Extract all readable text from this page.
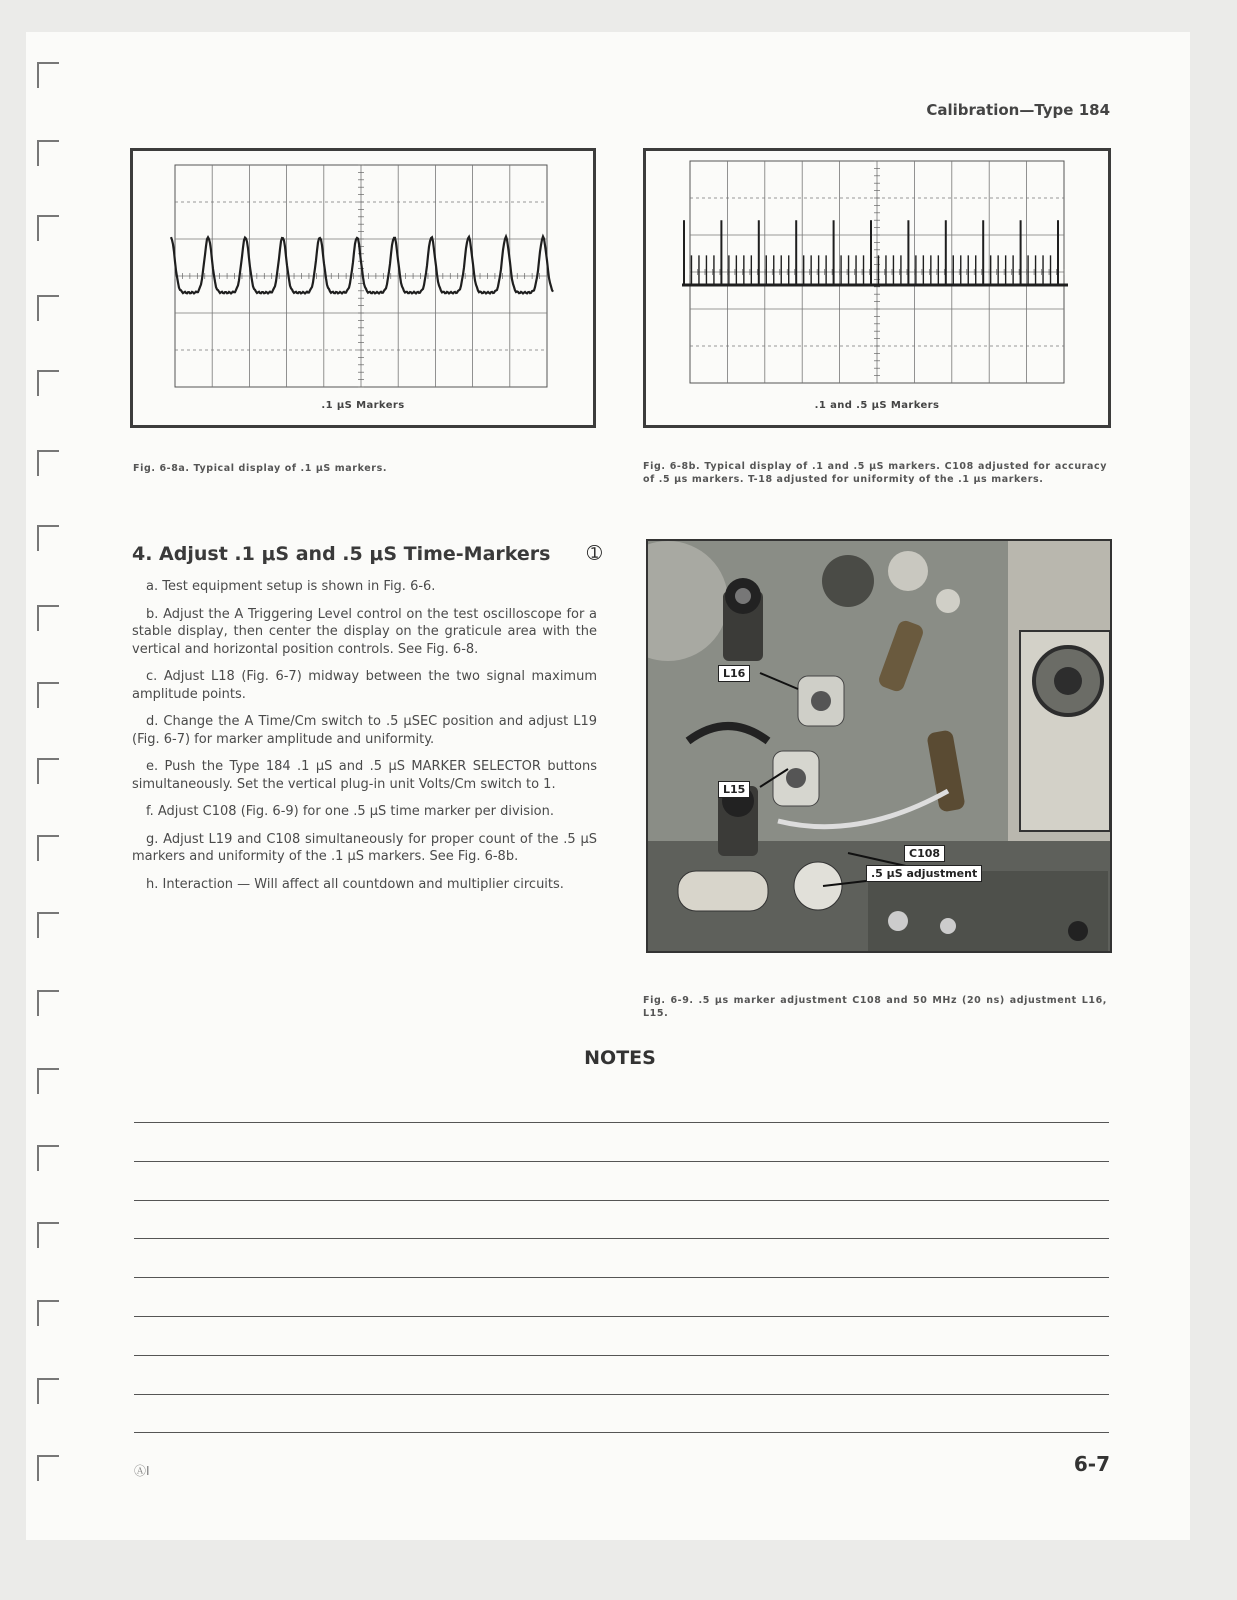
Calibration—Type 184
.1 μS Markers	.1 and .5 μS Markers
Fig. 6-8a. Typical display of .1 μS markers.	Fig. 6-8b. Typical display of .1 and .5 μS markers. C108 adjusted for accuracy of .5 μs markers. T-18 adjusted for uniformity of the .1 μs markers.
4. Adjust .1 μS and .5 μS Time-Markers ➀

a. Test equipment setup is shown in Fig. 6-6.

b. Adjust the A Triggering Level control on the test oscilloscope for a stable display, then center the display on the graticule area with the vertical and horizontal position controls. See Fig. 6-8.

c. Adjust L18 (Fig. 6-7) midway between the two signal maximum amplitude points.

d. Change the A Time/Cm switch to .5 μSEC position and adjust L19 (Fig. 6-7) for marker amplitude and uniformity.

e. Push the Type 184 .1 μS and .5 μS MARKER SELECTOR buttons simultaneously. Set the vertical plug-in unit Volts/Cm switch to 1.

f. Adjust C108 (Fig. 6-9) for one .5 μS time marker per division.

g. Adjust L19 and C108 simultaneously for proper count of the .5 μS markers and uniformity of the .1 μS markers. See Fig. 6-8b.

h. Interaction — Will affect all countdown and multiplier circuits.

L16
L15
C108
.5 μS adjustment
Fig. 6-9. .5 μs marker adjustment C108 and 50 MHz (20 ns) adjustment L16, L15.
NOTES
ⒶI	6-7
